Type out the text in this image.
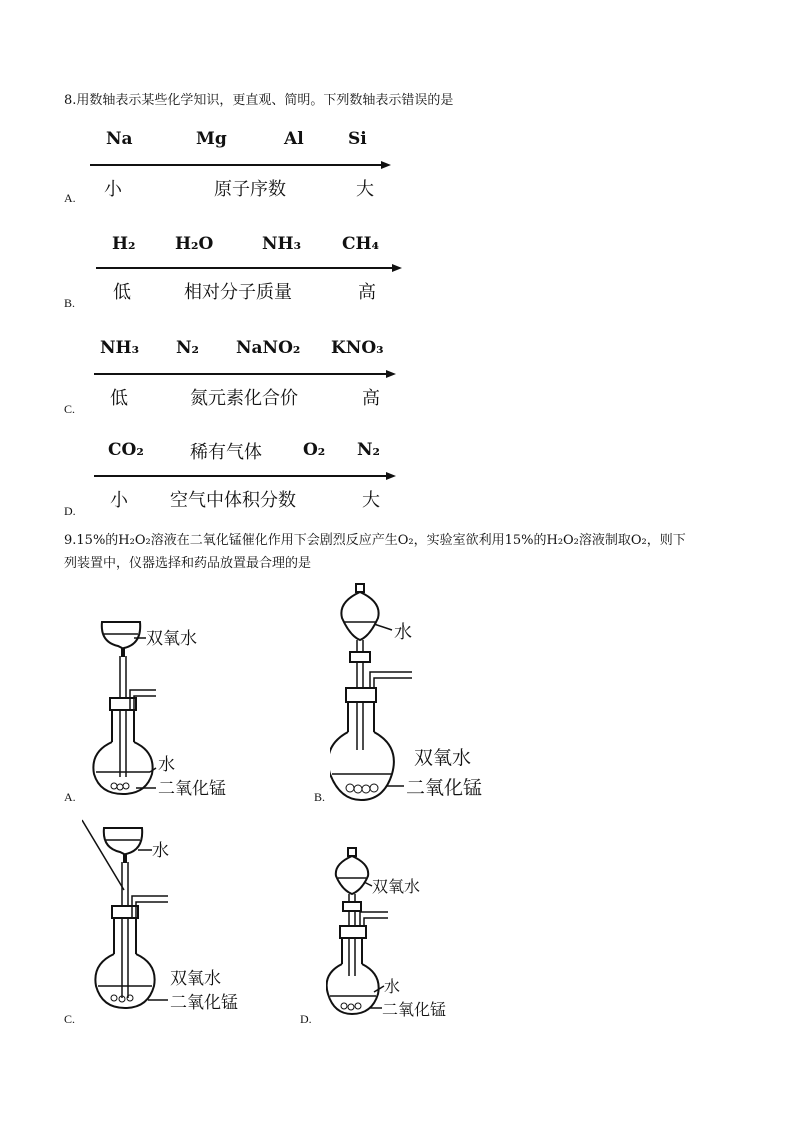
8.用数轴表示某些化学知识，更直观、简明。下列数轴表示错误的是
Na	Mg	Al	Si
小	原子序数	大
A.
H₂ H₂O	NH₃ CH₄
低	相对分子质量	高
B.
NH₃ N₂ NaNO₂ KNO₃
低	氮元素化合价	高
C.
CO₂	稀有气体 O₂ N₂
小 空气中体积分数	大
D.
9.15%的H₂O₂溶液在二氧化锰催化作用下会剧烈反应产生O₂，实验室欲利用15%的H₂O₂溶液制取O₂，则下
列装置中，仪器选择和药品放置最合理的是
双氧水
水
二氧化锰
A.
水
双氧水
二氧化锰
B.
水
双氧水
二氧化锰
C.
双氧水
水
二氧化锰
D.
